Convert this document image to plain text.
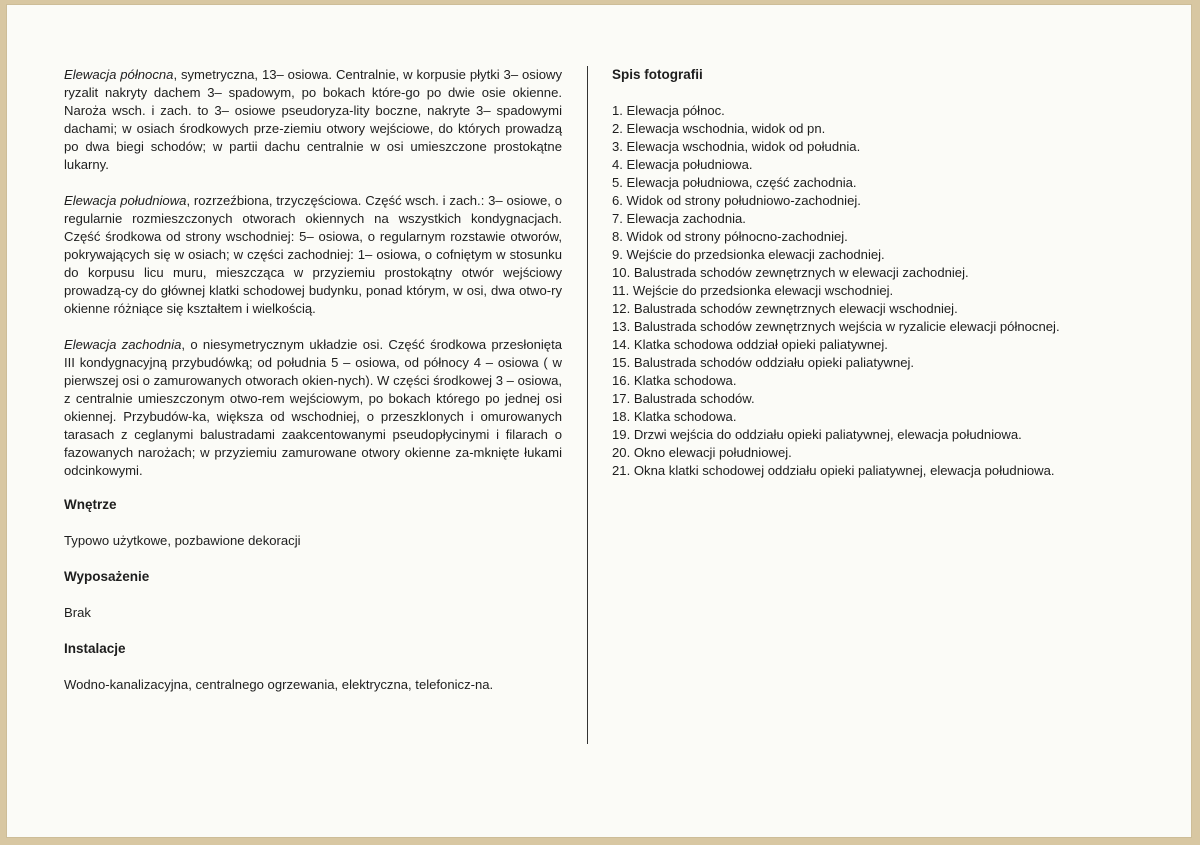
Elewacja północna, symetryczna, 13– osiowa. Centralnie, w korpusie płytki 3– osiowy ryzalit nakryty dachem 3– spadowym, po bokach które-go po dwie osie okienne. Naroża wsch. i zach. to 3– osiowe pseudoryza-lity boczne, nakryte 3– spadowymi dachami; w osiach środkowych prze-ziemiu otwory wejściowe, do których prowadzą po dwa biegi schodów; w partii dachu centralnie w osi umieszczone prostokątne lukarny.

Elewacja południowa, rozrzeźbiona, trzyczęściowa. Część wsch. i zach.: 3– osiowe, o regularnie rozmieszczonych otworach okiennych na wszystkich kondygnacjach. Część środkowa od strony wschodniej: 5– osiowa, o regularnym rozstawie otworów, pokrywających się w osiach; w części zachodniej: 1– osiowa, o cofniętym w stosunku do korpusu licu muru, mieszcząca w przyziemiu prostokątny otwór wejściowy prowadzą-cy do głównej klatki schodowej budynku, ponad którym, w osi, dwa otwo-ry okienne różniące się kształtem i wielkością.

Elewacja zachodnia, o niesymetrycznym układzie osi. Część środkowa przesłonięta III kondygnacyjną przybudówką; od południa 5 – osiowa, od północy 4 – osiowa ( w pierwszej osi o zamurowanych otworach okien-nych). W części środkowej 3 – osiowa, z centralnie umieszczonym otwo-rem wejściowym, po bokach którego po jednej osi okiennej. Przybudów-ka, większa od wschodniej, o przeszklonych i omurowanych tarasach z ceglanymi balustradami zaakcentowanymi pseudopłycinymi i filarach o fazowanych narożach; w przyziemiu zamurowane otwory okienne za-mknięte łukami odcinkowymi.

Wnętrze

Typowo użytkowe, pozbawione dekoracji

Wyposażenie

Brak

Instalacje

Wodno-kanalizacyjna, centralnego ogrzewania, elektryczna, telefonicz-na.

Spis fotografii
1. Elewacja północ.
2. Elewacja wschodnia, widok od pn.
3. Elewacja wschodnia, widok od południa.
4. Elewacja południowa.
5. Elewacja południowa, część zachodnia.
6. Widok od strony południowo-zachodniej.
7. Elewacja zachodnia.
8. Widok od strony północno-zachodniej.
9. Wejście do przedsionka elewacji zachodniej.
10. Balustrada schodów zewnętrznych w elewacji zachodniej.
11. Wejście do przedsionka elewacji wschodniej.
12. Balustrada schodów zewnętrznych elewacji wschodniej.
13. Balustrada schodów zewnętrznych wejścia w ryzalicie elewacji północnej.
14. Klatka schodowa oddział opieki paliatywnej.
15. Balustrada schodów oddziału opieki paliatywnej.
16. Klatka schodowa.
17. Balustrada schodów.
18. Klatka schodowa.
19. Drzwi wejścia do oddziału opieki paliatywnej, elewacja południowa.
20. Okno elewacji południowej.
21. Okna klatki schodowej oddziału opieki paliatywnej, elewacja południowa.
